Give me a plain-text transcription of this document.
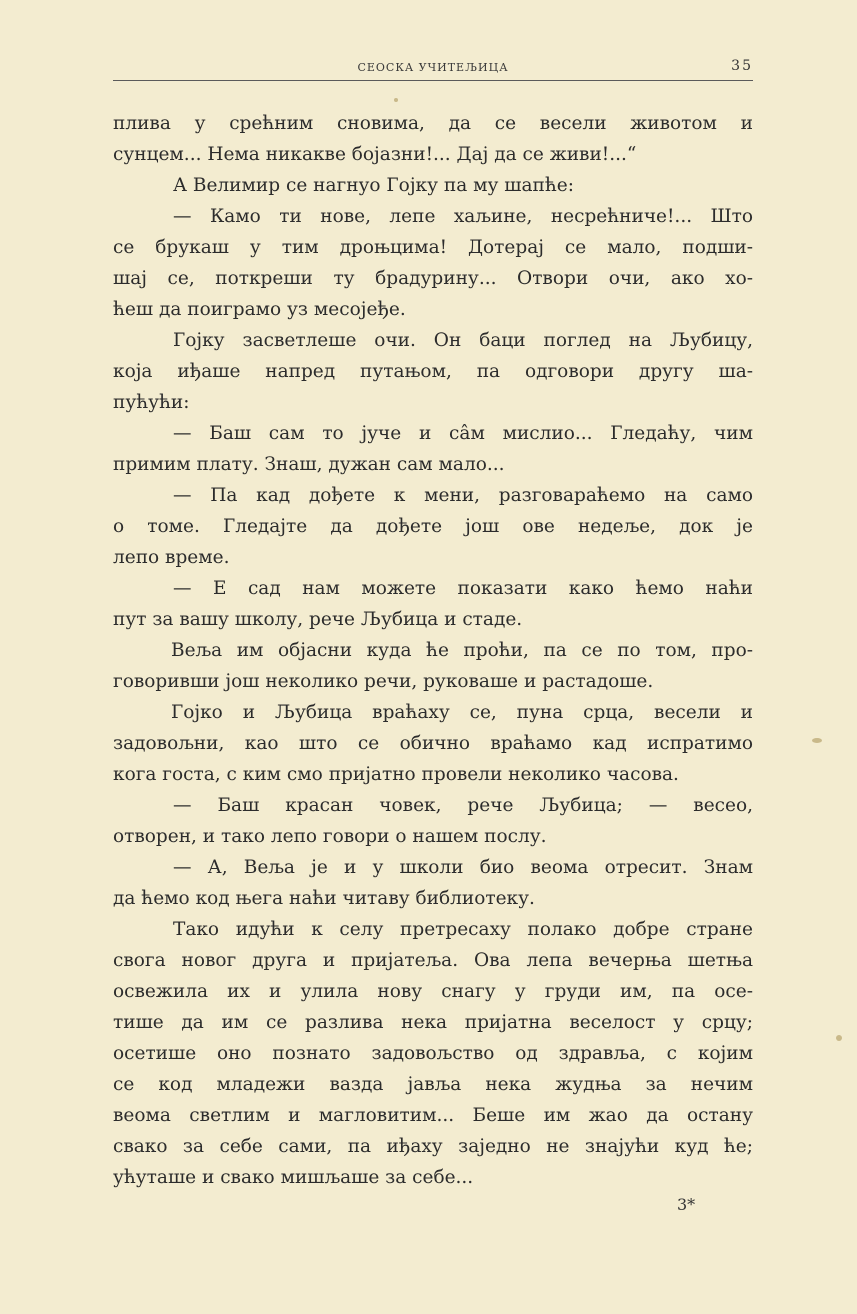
СЕОСКА УЧИТЕЉИЦА	35
плива у срећним сновима, да се весели животом и
сунцем... Нема никакве бојазни!... Дај да се живи!...“
А Велимир се нагнуо Гојку па му шапће:
— Камо ти нове, лепе хаљине, несрећниче!... Што
се брукаш у тим дроњцима! Дотерај се мало, подши-
шај се, поткреши ту брадурину... Отвори очи, ако хо-
ћеш да поиграмо уз месојеђе.
Гојку засветлеше очи. Он баци поглед на Љубицу,
која иђаше напред путањом, па одговори другу ша-
пућући:
— Баш сам то јуче и са̂м мислио... Гледаћу, чим
примим плату. Знаш, дужан сам мало...
— Па кад дођете к мени, разговараћемо на само
о томе. Гледајте да дођете још ове недеље, док је
лепо време.
— Е сад нам можете показати како ћемо наћи
пут за вашу школу, рече Љубица и стаде.
Веља им објасни куда ће проћи, па се по том, про-
говоривши још неколико речи, руковаше и растадоше.
Гојко и Љубица враћаху се, пуна срца, весели и
задовољни, као што се обично враћамо кад испратимо
кога госта, с ким смо пријатно провели неколико часова.
— Баш красан човек, рече Љубица; — весео,
отворен, и тако лепо говори о нашем послу.
— А, Веља је и у школи био веома отресит. Знам
да ћемо код њега наћи читаву библиотеку.
Тако идући к селу претресаху полако добре стране
свога новог друга и пријатеља. Ова лепа вечерња шетња
освежила их и улила нову снагу у груди им, па осе-
тише да им се разлива нека пријатна веселост у срцу;
осетише оно познато задовољство од здравља, с којим
се код младежи вазда јавља нека жудња за нечим
веома светлим и магловитим... Беше им жао да остану
свако за себе сами, па иђаху заједно не знајући куд ће;
ућуташе и свако мишљаше за себе...
3*
